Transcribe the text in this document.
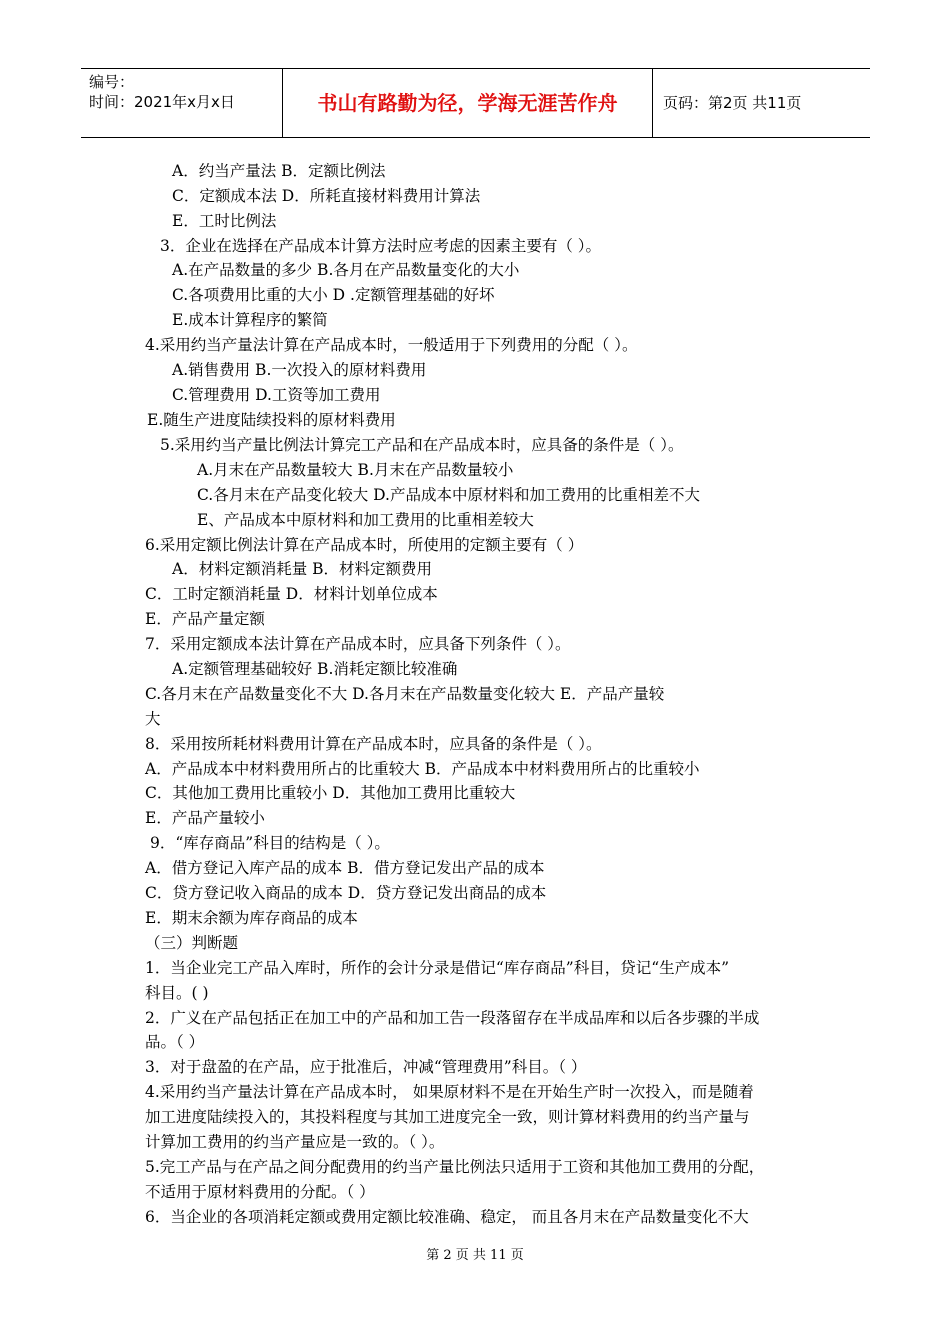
编号：
时间：2021年x月x日	书山有路勤为径，学海无涯苦作舟	页码：第2页 共11页
A．约当产量法 B．定额比例法
C．定额成本法 D．所耗直接材料费用计算法
E．工时比例法
3．企业在选择在产品成本计算方法时应考虑的因素主要有（ ）。
A.在产品数量的多少 B.各月在产品数量变化的大小
C.各项费用比重的大小 D .定额管理基础的好坏
E.成本计算程序的繁简
4.采用约当产量法计算在产品成本时，一般适用于下列费用的分配（ ）。
A.销售费用 B.一次投入的原材料费用
C.管理费用 D.工资等加工费用
E.随生产进度陆续投料的原材料费用
5.采用约当产量比例法计算完工产品和在产品成本时，应具备的条件是（ ）。
A.月末在产品数量较大 B.月末在产品数量较小
C.各月末在产品变化较大 D.产品成本中原材料和加工费用的比重相差不大
E、产品成本中原材料和加工费用的比重相差较大
6.采用定额比例法计算在产品成本时，所使用的定额主要有（ ）
A．材料定额消耗量 B．材料定额费用
C．工时定额消耗量 D．材料计划单位成本
E．产品产量定额
7．采用定额成本法计算在产品成本时，应具备下列条件（ ）。
A.定额管理基础较好 B.消耗定额比较准确
C.各月末在产品数量变化不大 D.各月末在产品数量变化较大 E．产品产量较
大
8．采用按所耗材料费用计算在产品成本时，应具备的条件是（ ）。
A．产品成本中材料费用所占的比重较大 B．产品成本中材料费用所占的比重较小
C．其他加工费用比重较小 D．其他加工费用比重较大
E．产品产量较小
9．“库存商品”科目的结构是（ ）。
A．借方登记入库产品的成本 B．借方登记发出产品的成本
C．贷方登记收入商品的成本 D．贷方登记发出商品的成本
E．期末余额为库存商品的成本
（三）判断题
1．当企业完工产品入库时，所作的会计分录是借记“库存商品”科目，贷记“生产成本”
科目。( )
2．广义在产品包括正在加工中的产品和加工告一段落留存在半成品库和以后各步骤的半成
品。（ ）
3．对于盘盈的在产品，应于批准后，冲减“管理费用”科目。（ ）
4.采用约当产量法计算在产品成本时， 如果原材料不是在开始生产时一次投入，而是随着
加工进度陆续投入的，其投料程度与其加工进度完全一致，则计算材料费用的约当产量与
计算加工费用的约当产量应是一致的。（ ）。
5.完工产品与在产品之间分配费用的约当产量比例法只适用于工资和其他加工费用的分配，
不适用于原材料费用的分配。（ ）
6．当企业的各项消耗定额或费用定额比较准确、稳定， 而且各月末在产品数量变化不大
第 2 页 共 11 页
